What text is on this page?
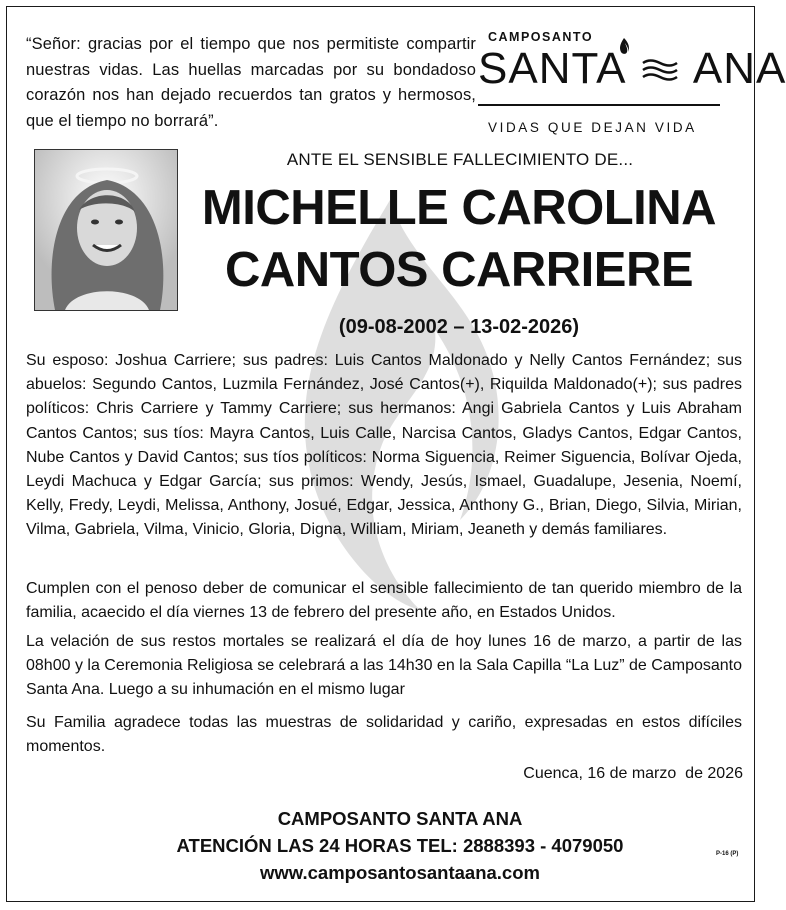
“Señor: gracias por el tiempo que nos permitiste compartir nuestras vidas. Las huellas marcadas por su bondadoso corazón nos han dejado recuerdos tan gratos y hermosos, que el tiempo no borrará”.
CAMPOSANTO
SANTA ANA
VIDAS QUE DEJAN VIDA
ANTE EL SENSIBLE FALLECIMIENTO DE...
MICHELLE CAROLINA
CANTOS CARRIERE
(09-08-2002 – 13-02-2026)
Su esposo: Joshua Carriere; sus padres: Luis Cantos Maldonado y Nelly Cantos Fernández; sus abuelos: Segundo Cantos, Luzmila Fernández, José Cantos(+), Riquilda Maldonado(+); sus padres políticos: Chris Carriere y Tammy Carriere; sus hermanos: Angi Gabriela Cantos y Luis Abraham Cantos Cantos; sus tíos: Mayra Cantos, Luis Calle, Narcisa Cantos, Gladys Cantos, Edgar Cantos, Nube Cantos y David Cantos; sus tíos políticos: Norma Siguencia, Reimer Siguencia, Bolívar Ojeda, Leydi Machuca y Edgar García; sus primos: Wendy, Jesús, Ismael, Guadalupe, Jesenia, Noemí, Kelly, Fredy, Leydi, Melissa, Anthony, Josué, Edgar, Jessica, Anthony G., Brian, Diego, Silvia, Mirian, Vilma, Gabriela, Vilma, Vinicio, Gloria, Digna, William, Miriam, Jeaneth y demás familiares.
Cumplen con el penoso deber de comunicar el sensible fallecimiento de tan querido miembro de la familia, acaecido el día viernes 13 de febrero del presente año, en Estados Unidos.
La velación de sus restos mortales se realizará el día de hoy lunes 16 de marzo, a partir de las 08h00 y la Ceremonia Religiosa se celebrará a las 14h30 en la Sala Capilla “La Luz” de Camposanto Santa Ana. Luego a su inhumación en el mismo lugar
Su Familia agradece todas las muestras de solidaridad y cariño, expresadas en estos difíciles momentos.
Cuenca, 16 de marzo  de 2026
CAMPOSANTO SANTA ANA
ATENCIÓN LAS 24 HORAS TEL: 2888393 - 4079050
www.camposantosantaana.com
P-16 (P)
